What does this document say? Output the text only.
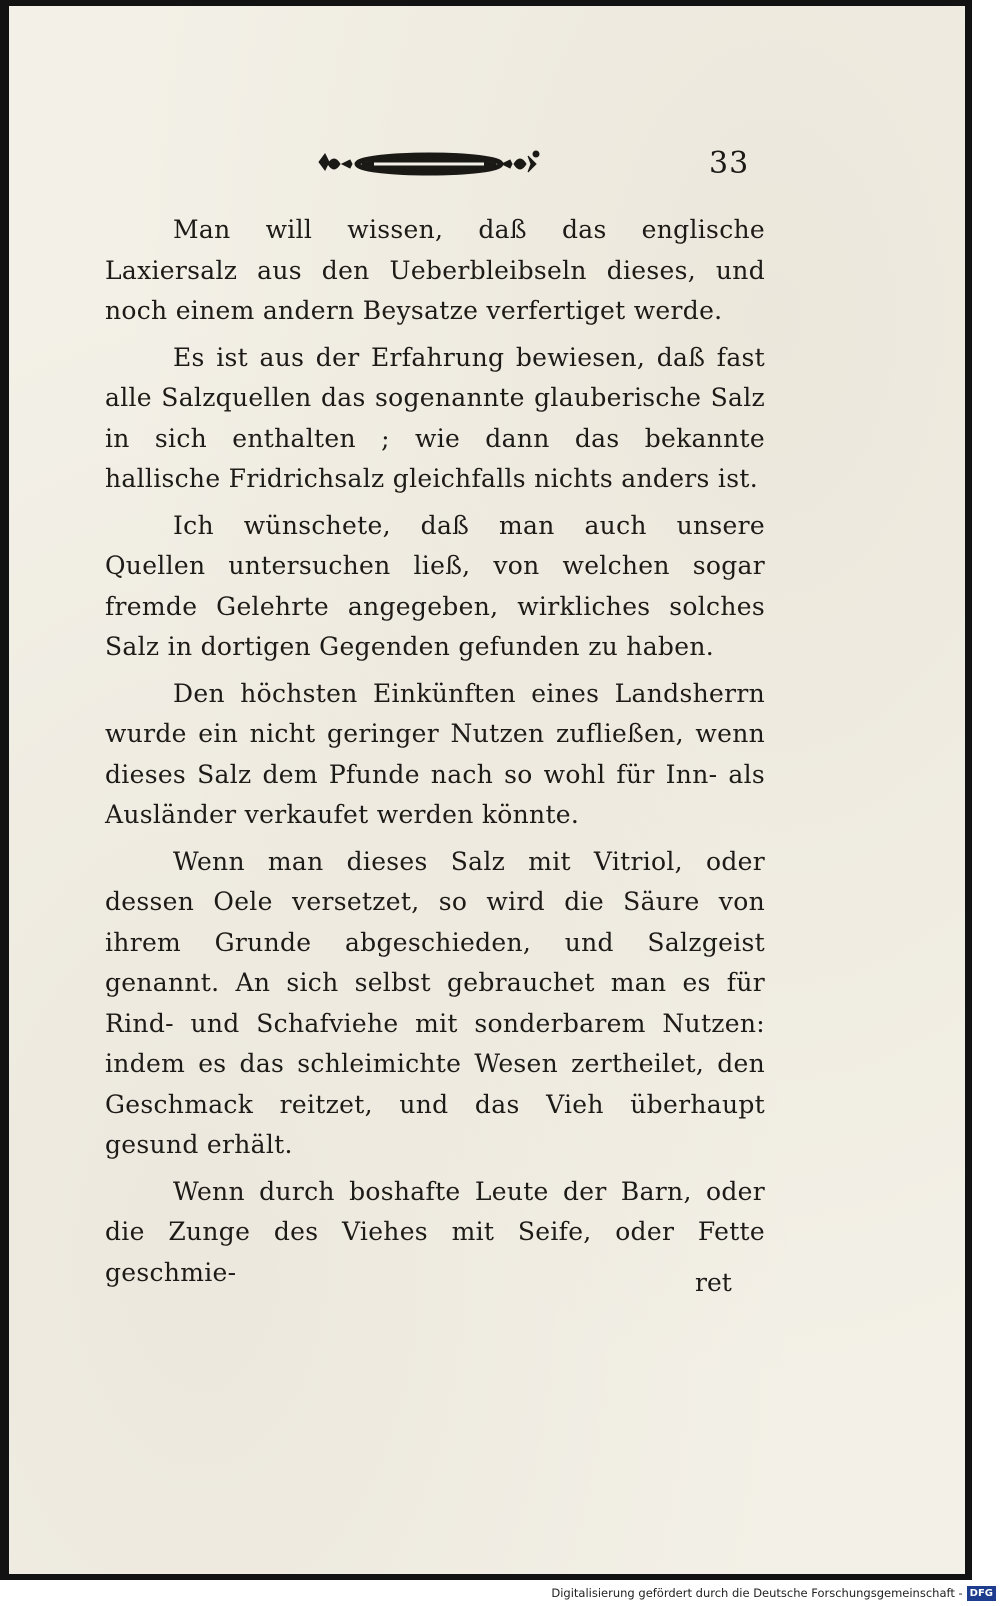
33

Man will wissen, daß das englische Laxiersalz aus den Ueberbleibseln dieses, und noch einem andern Beysatze verfertiget werde.

Es ist aus der Erfahrung bewiesen, daß fast alle Salzquellen das sogenannte glauberische Salz in sich enthalten ; wie dann das bekannte hallische Fridrichsalz gleichfalls nichts anders ist.

Ich wünschete, daß man auch unsere Quellen untersuchen ließ, von welchen sogar fremde Gelehrte angegeben, wirkliches solches Salz in dortigen Gegenden gefunden zu haben.

Den höchsten Einkünften eines Landsherrn wurde ein nicht geringer Nutzen zufließen, wenn dieses Salz dem Pfunde nach so wohl für Inn- als Ausländer verkaufet werden könnte.

Wenn man dieses Salz mit Vitriol, oder dessen Oele versetzet, so wird die Säure von ihrem Grunde abgeschieden, und Salzgeist genannt. An sich selbst gebrauchet man es für Rind- und Schafviehe mit sonderbarem Nutzen: indem es das schleimichte Wesen zertheilet, den Geschmack reitzet, und das Vieh überhaupt gesund erhält.

Wenn durch boshafte Leute der Barn, oder die Zunge des Viehes mit Seife, oder Fette geschmie-	ret
Digitalisierung gefördert durch die Deutsche Forschungsgemeinschaft - DFG
